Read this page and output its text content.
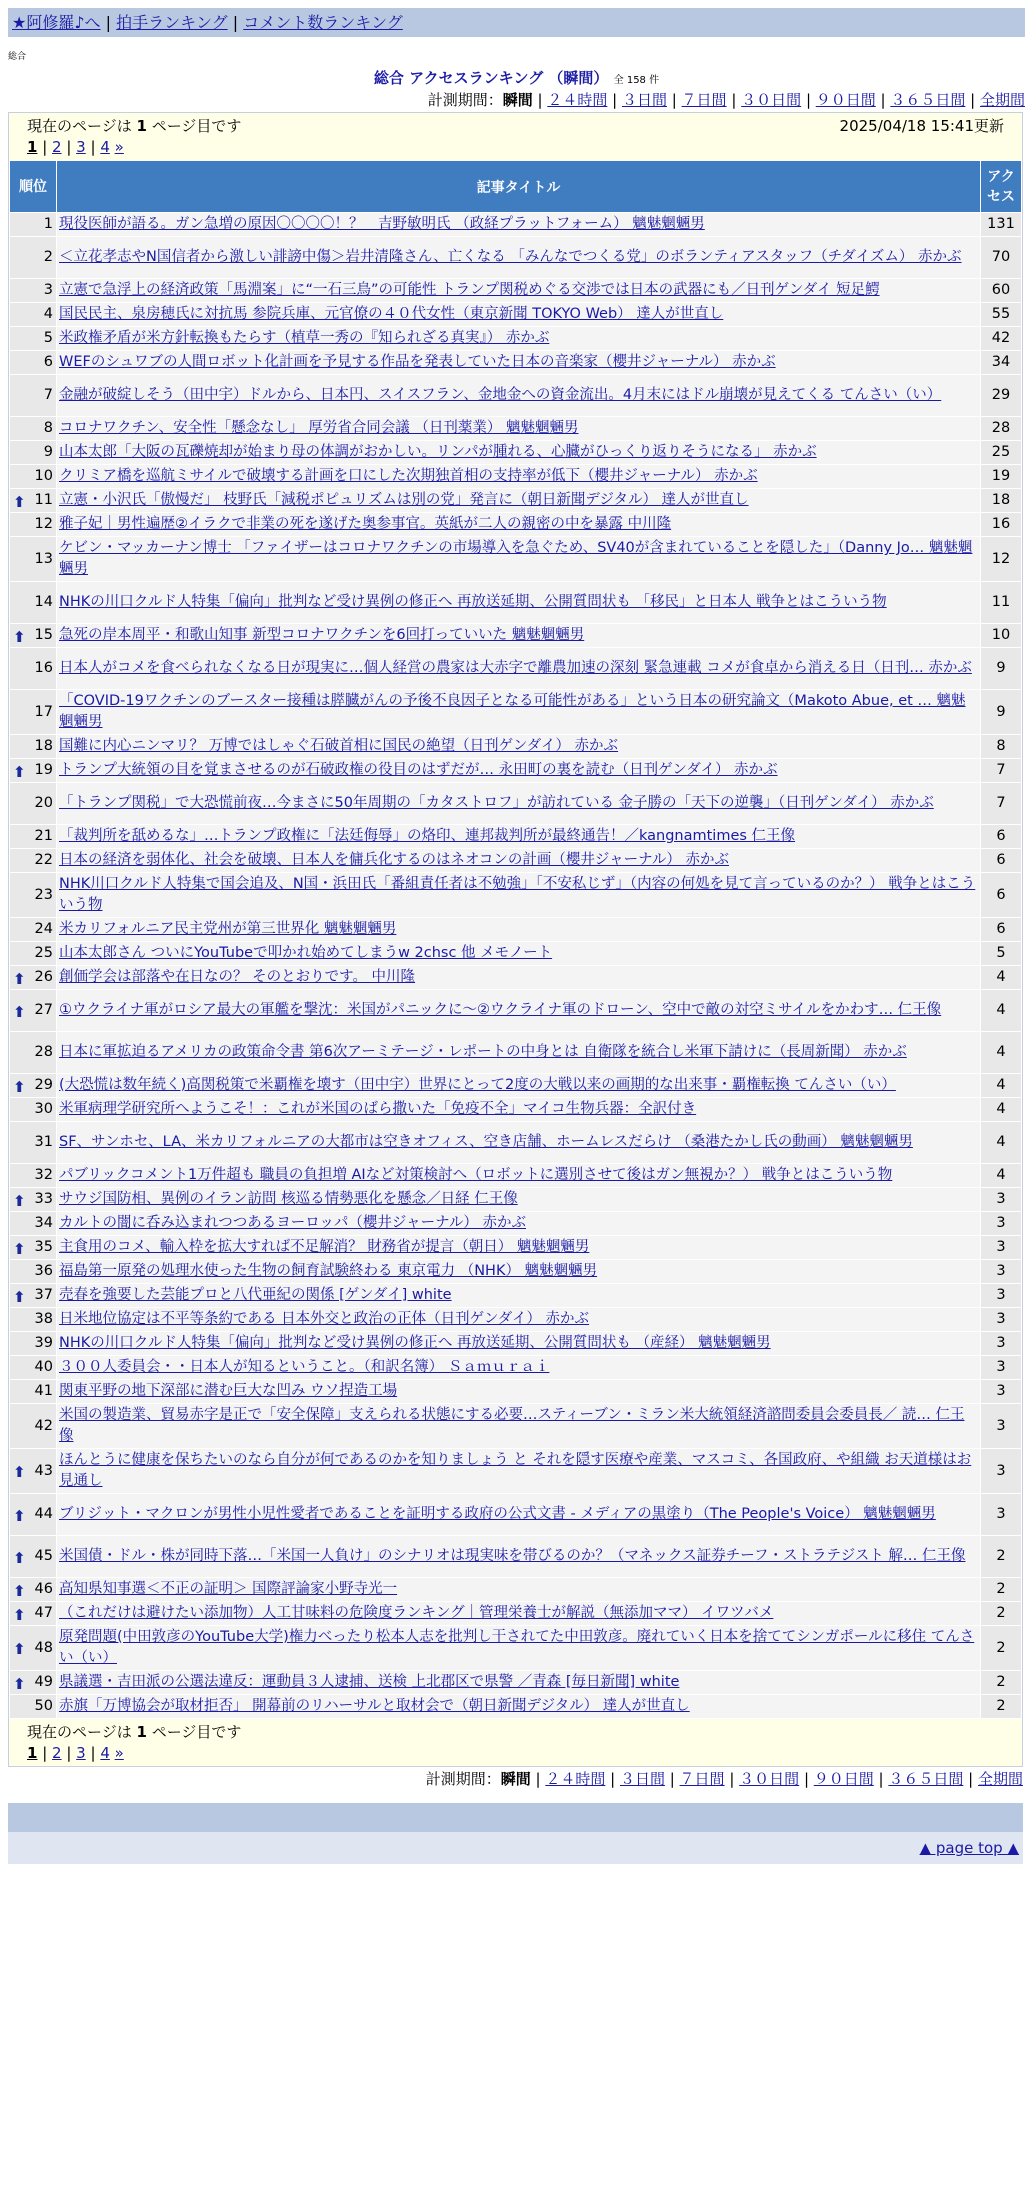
★阿修羅♪へ | 拍手ランキング | コメント数ランキング
総合
総合 アクセスランキング （瞬間） 全 158 件
計測期間：瞬間 | ２４時間 | ３日間 | ７日間 | ３０日間 | ９０日間 | ３６５日間 | 全期間
現在のページは 1 ページ目です	2025/04/18 15:41更新
1 | 2 | 3 | 4 »
順位	記事タイトル	アクセス
1	現役医師が語る。ガン急増の原因〇〇〇〇！？　吉野敏明氏 （政経プラットフォーム） 魑魅魍魎男	131
2	＜立花孝志やN国信者から激しい誹謗中傷＞岩井清隆さん、亡くなる 「みんなでつくる党」のボランティアスタッフ（チダイズム） 赤かぶ	70
3	立憲で急浮上の経済政策「馬淵案」に“一石三鳥”の可能性 トランプ関税めぐる交渉では日本の武器にも／日刊ゲンダイ 短足鰐	60
4	国民民主、泉房穂氏に対抗馬 参院兵庫、元官僚の４０代女性（東京新聞 TOKYO Web） 達人が世直し	55
5	米政権矛盾が米方針転換もたらす（植草一秀の『知られざる真実』） 赤かぶ	42
6	WEFのシュワブの人間ロボット化計画を予見する作品を発表していた日本の音楽家（櫻井ジャーナル） 赤かぶ	34
7	金融が破綻しそう（田中宇）ドルから、日本円、スイスフラン、金地金への資金流出。4月末にはドル崩壊が見えてくる てんさい（い）	29
8	コロナワクチン、安全性「懸念なし」 厚労省合同会議 （日刊薬業） 魑魅魍魎男	28
9	山本太郎「大阪の瓦礫焼却が始まり母の体調がおかしい。リンパが腫れる、心臓がひっくり返りそうになる」 赤かぶ	25
10	クリミア橋を巡航ミサイルで破壊する計画を口にした次期独首相の支持率が低下（櫻井ジャーナル） 赤かぶ	19

⬆ 11	立憲・小沢氏「傲慢だ」 枝野氏「減税ポピュリズムは別の党」発言に（朝日新聞デジタル） 達人が世直し	18
12	雅子妃｜男性遍歴②イラクで非業の死を遂げた奥参事官。英紙が二人の親密の中を暴露 中川隆	16
13	ケビン・マッカーナン博士 「ファイザーはコロナワクチンの市場導入を急ぐため、SV40が含まれていることを隠した」（Danny Jo… 魑魅魍魎男	12
14	NHKの川口クルド人特集「偏向」批判など受け異例の修正へ 再放送延期、公開質問状も 「移民」と日本人 戦争とはこういう物	11

⬆ 15	急死の岸本周平・和歌山知事 新型コロナワクチンを6回打っていいた 魑魅魍魎男	10
16	日本人がコメを食べられなくなる日が現実に…個人経営の農家は大赤字で離農加速の深刻 緊急連載 コメが食卓から消える日（日刊… 赤かぶ	9
17	「COVID-19ワクチンのブースター接種は膵臓がんの予後不良因子となる可能性がある」という日本の研究論文（Makoto Abue, et … 魑魅魍魎男	9
18	国難に内心ニンマリ？ 万博ではしゃぐ石破首相に国民の絶望（日刊ゲンダイ） 赤かぶ	8

⬆ 19	トランプ大統領の目を覚まさせるのが石破政権の役目のはずだが… 永田町の裏を読む（日刊ゲンダイ） 赤かぶ	7
20	「トランプ関税」で大恐慌前夜…今まさに50年周期の「カタストロフ」が訪れている 金子勝の「天下の逆襲」（日刊ゲンダイ） 赤かぶ	7
21	「裁判所を舐めるな」…トランプ政権に「法廷侮辱」の烙印、連邦裁判所が最終通告！／kangnamtimes 仁王像	6
22	日本の経済を弱体化、社会を破壊、日本人を傭兵化するのはネオコンの計画（櫻井ジャーナル） 赤かぶ	6
23	NHK川口クルド人特集で国会追及、N国・浜田氏「番組責任者は不勉強」「不安私じず」（内容の何処を見て言っているのか？） 戦争とはこういう物	6
24	米カリフォルニア民主党州が第三世界化 魑魅魍魎男	6
25	山本太郎さん ついにYouTubeで叩かれ始めてしまうw 2chsc 他 メモノート	5

⬆ 26	創価学会は部落や在日なの？ そのとおりです。 中川隆	4

⬆ 27	①ウクライナ軍がロシア最大の軍艦を撃沈：米国がパニックに～②ウクライナ軍のドローン、空中で敵の対空ミサイルをかわす… 仁王像	4
28	日本に軍拡迫るアメリカの政策命令書 第6次アーミテージ・レポートの中身とは 自衛隊を統合し米軍下請けに（長周新聞） 赤かぶ	4

⬆ 29	(大恐慌は数年続く)高関税策で米覇権を壊す（田中宇）世界にとって2度の大戦以来の画期的な出来事・覇権転換 てんさい（い）	4
30	米軍病理学研究所へようこそ！：これが米国のばら撒いた「免疫不全」マイコ生物兵器：全訳付き	4
31	SF、サンホセ、LA、米カリフォルニアの大都市は空きオフィス、空き店舗、ホームレスだらけ （桑港たかし氏の動画） 魑魅魍魎男	4
32	パブリックコメント1万件超も 職員の負担増 AIなど対策検討へ（ロボットに選別させて後はガン無視か？） 戦争とはこういう物	4

⬆ 33	サウジ国防相、異例のイラン訪問 核巡る情勢悪化を懸念／日経 仁王像	3
34	カルトの闇に呑み込まれつつあるヨーロッパ（櫻井ジャーナル） 赤かぶ	3

⬆ 35	主食用のコメ、輸入枠を拡大すれば不足解消？ 財務省が提言（朝日） 魑魅魍魎男	3
36	福島第一原発の処理水使った生物の飼育試験終わる 東京電力 （NHK） 魑魅魍魎男	3

⬆ 37	売春を強要した芸能プロと八代亜紀の関係 [ゲンダイ] white	3
38	日米地位協定は不平等条約である 日本外交と政治の正体（日刊ゲンダイ） 赤かぶ	3
39	NHKの川口クルド人特集「偏向」批判など受け異例の修正へ 再放送延期、公開質問状も （産経） 魑魅魍魎男	3
40	３００人委員会・・日本人が知るということ。（和訳名簿） Ｓａｍｕｒａｉ	3
41	関東平野の地下深部に潜む巨大な凹み ウソ捏造工場	3
42	米国の製造業、貿易赤字是正で「安全保障」支えられる状態にする必要…スティーブン・ミラン米大統領経済諮問委員会委員長／ 読… 仁王像	3

⬆ 43	ほんとうに健康を保ちたいのなら自分が何であるのかを知りましょう と それを隠す医療や産業、マスコミ、各国政府、や組織 お天道様はお見通し	3

⬆ 44	ブリジット・マクロンが男性小児性愛者であることを証明する政府の公式文書 - メディアの黒塗り（The People's Voice） 魑魅魍魎男	3

⬆ 45	米国債・ドル・株が同時下落…「米国一人負け」のシナリオは現実味を帯びるのか？（マネックス証券チーフ・ストラテジスト 解… 仁王像	2

⬆ 46	高知県知事選＜不正の証明＞ 国際評論家小野寺光一	2

⬆ 47	（これだけは避けたい添加物）人工甘味料の危険度ランキング｜管理栄養士が解説（無添加ママ） イワツバメ	2

⬆ 48	原発問題(中田敦彦のYouTube大学)権力べったり松本人志を批判し干されてた中田敦彦。廃れていく日本を捨ててシンガポールに移住 てんさい（い）	2

⬆ 49	県議選・吉田派の公選法違反：運動員３人逮捕、送検 上北郡区で県警 ／青森 [毎日新聞] white	2
50	赤旗「万博協会が取材拒否」 開幕前のリハーサルと取材会で（朝日新聞デジタル） 達人が世直し	2
現在のページは 1 ページ目です
1 | 2 | 3 | 4 »
計測期間：瞬間 | ２４時間 | ３日間 | ７日間 | ３０日間 | ９０日間 | ３６５日間 | 全期間
▲ page top ▲
